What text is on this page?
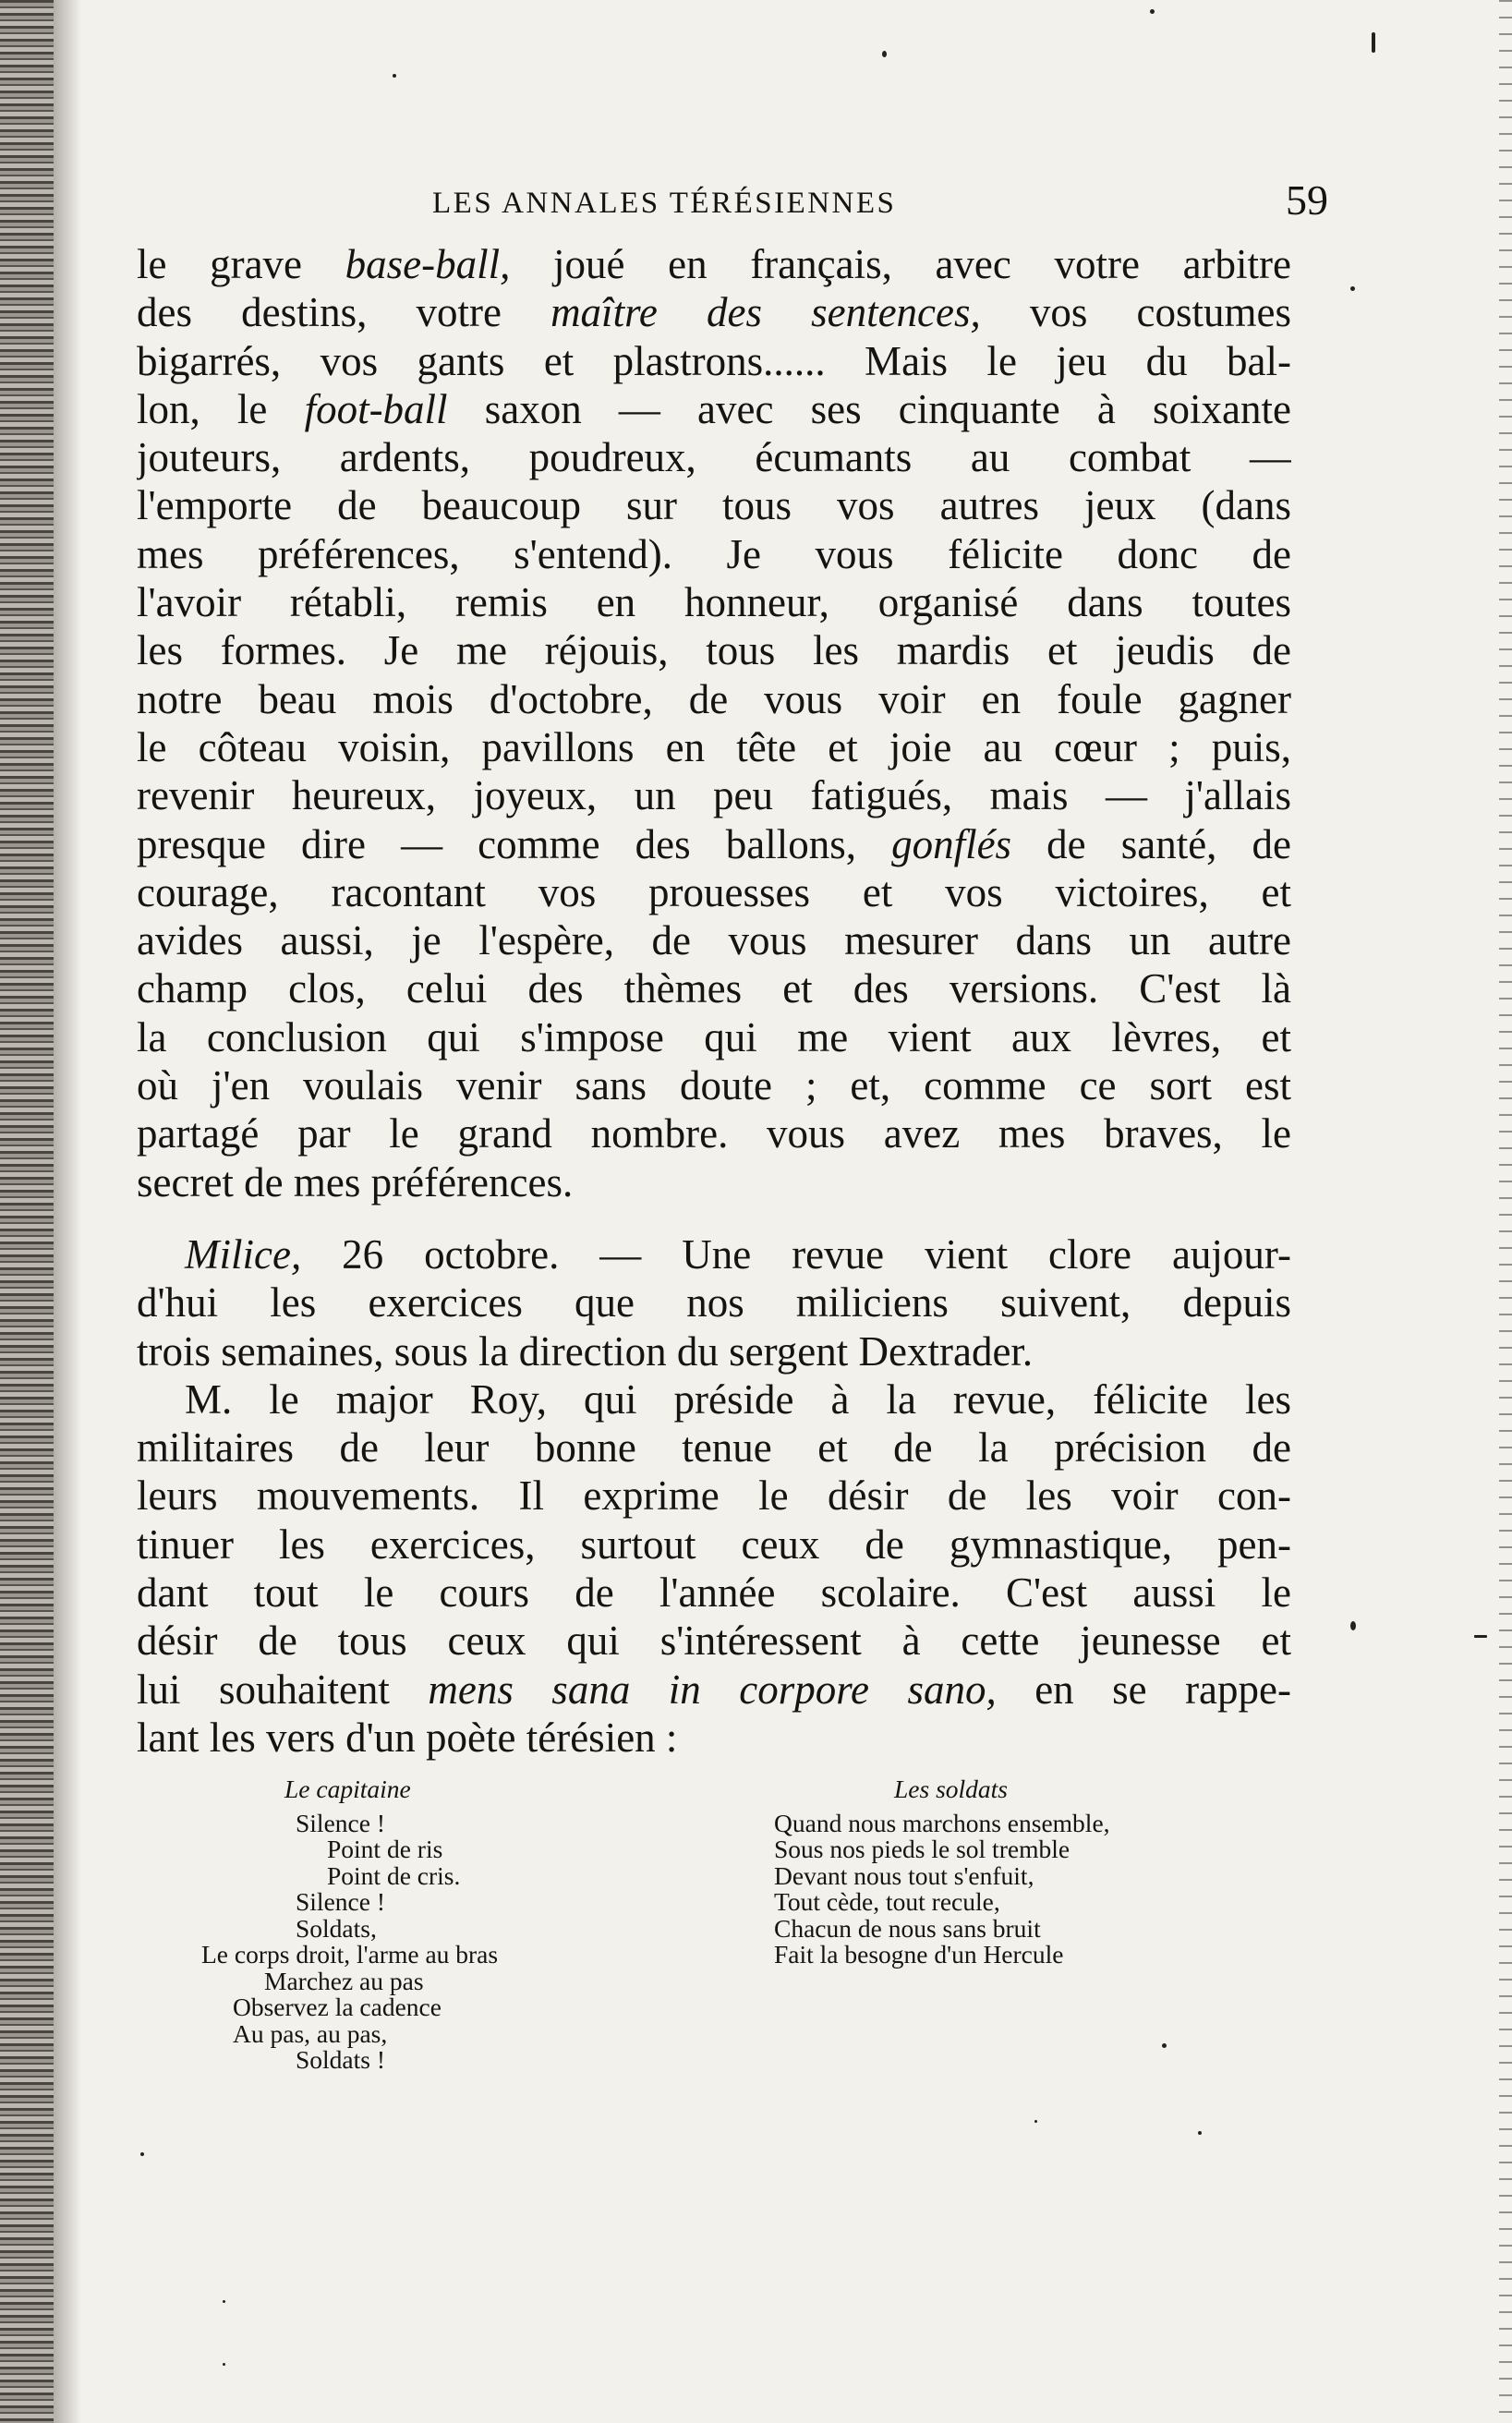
LES ANNALES TÉRÉSIENNES	59
le grave base-ball, joué en français, avec votre arbitre
des destins, votre maître des sentences, vos costumes
bigarrés, vos gants et plastrons...... Mais le jeu du bal-
lon, le foot-ball saxon — avec ses cinquante à soixante
jouteurs, ardents, poudreux, écumants au combat —
l'emporte de beaucoup sur tous vos autres jeux (dans
mes préférences, s'entend). Je vous félicite donc de
l'avoir rétabli, remis en honneur, organisé dans toutes
les formes. Je me réjouis, tous les mardis et jeudis de
notre beau mois d'octobre, de vous voir en foule gagner
le côteau voisin, pavillons en tête et joie au cœur ; puis,
revenir heureux, joyeux, un peu fatigués, mais — j'allais
presque dire — comme des ballons, gonflés de santé, de
courage, racontant vos prouesses et vos victoires, et
avides aussi, je l'espère, de vous mesurer dans un autre
champ clos, celui des thèmes et des versions. C'est là
la conclusion qui s'impose qui me vient aux lèvres, et
où j'en voulais venir sans doute ; et, comme ce sort est
partagé par le grand nombre. vous avez mes braves, le
secret de mes préférences.
Milice, 26 octobre. — Une revue vient clore aujour-
d'hui les exercices que nos miliciens suivent, depuis
trois semaines, sous la direction du sergent Dextrader.
M. le major Roy, qui préside à la revue, félicite les
militaires de leur bonne tenue et de la précision de
leurs mouvements. Il exprime le désir de les voir con-
tinuer les exercices, surtout ceux de gymnastique, pen-
dant tout le cours de l'année scolaire. C'est aussi le
désir de tous ceux qui s'intéressent à cette jeunesse et
lui souhaitent mens sana in corpore sano, en se rappe-
lant les vers d'un poète térésien :
Le capitaine
Silence !
Point de ris
Point de cris.
Silence !
Soldats,
Le corps droit, l'arme au bras
Marchez au pas
Observez la cadence
Au pas, au pas,
Soldats !
Les soldats
Quand nous marchons ensemble,
Sous nos pieds le sol tremble
Devant nous tout s'enfuit,
Tout cède, tout recule,
Chacun de nous sans bruit
Fait la besogne d'un Hercule
